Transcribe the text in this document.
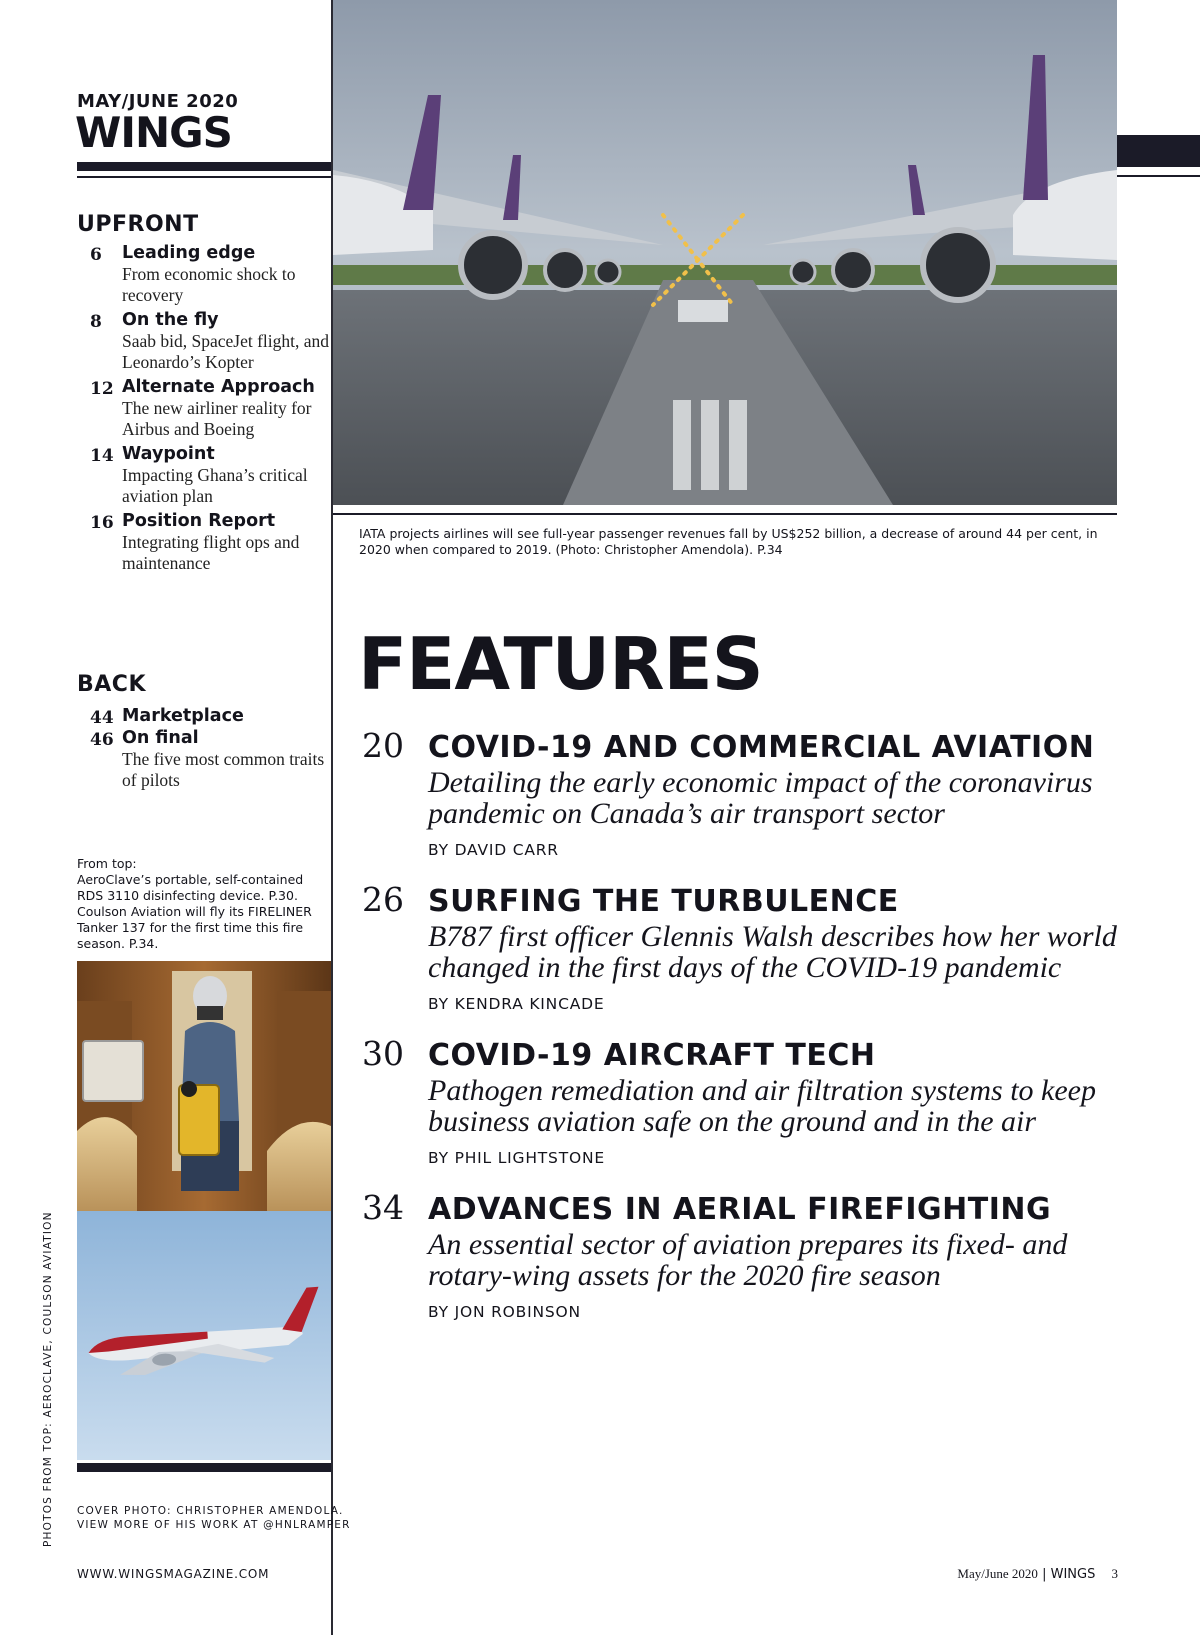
MAY/JUNE 2020
WINGS
UPFRONT
6	Leading edge
From economic shock to recovery
8	On the fly
Saab bid, SpaceJet flight, and Leonardo’s Kopter
12 Alternate Approach
The new airliner reality for Airbus and Boeing
14 Waypoint
Impacting Ghana’s critical aviation plan
16 Position Report
Integrating flight ops and maintenance
BACK
44 Marketplace
46 On final
The five most common traits of pilots
From top:
AeroClave’s portable, self-contained RDS 3110 disinfecting device. P.30. Coulson Aviation will fly its FIRELINER Tanker 137 for the first time this fire season. P.34.
PHOTOS FROM TOP: AEROCLAVE, COULSON AVIATION COVER PHOTO: CHRISTOPHER AMENDOLA.
VIEW MORE OF HIS WORK AT @HNLRAMPER
IATA projects airlines will see full-year passenger revenues fall by US$252 billion, a decrease of around 44 per cent, in 2020 when compared to 2019. (Photo: Christopher Amendola). P.34
FEATURES
20 COVID-19 AND COMMERCIAL AVIATION
Detailing the early economic impact of the coronavirus pandemic on Canada’s air transport sector
BY DAVID CARR
26 SURFING THE TURBULENCE
B787 first officer Glennis Walsh describes how her world changed in the first days of the COVID-19 pandemic
BY KENDRA KINCADE
30 COVID-19 AIRCRAFT TECH
Pathogen remediation and air filtration systems to keep business aviation safe on the ground and in the air
BY PHIL LIGHTSTONE
34 ADVANCES IN AERIAL FIREFIGHTING
An essential sector of aviation prepares its fixed- and rotary-wing assets for the 2020 fire season
BY JON ROBINSON
WWW.WINGSMAGAZINE.COM	May/June 2020 | WINGS 3
